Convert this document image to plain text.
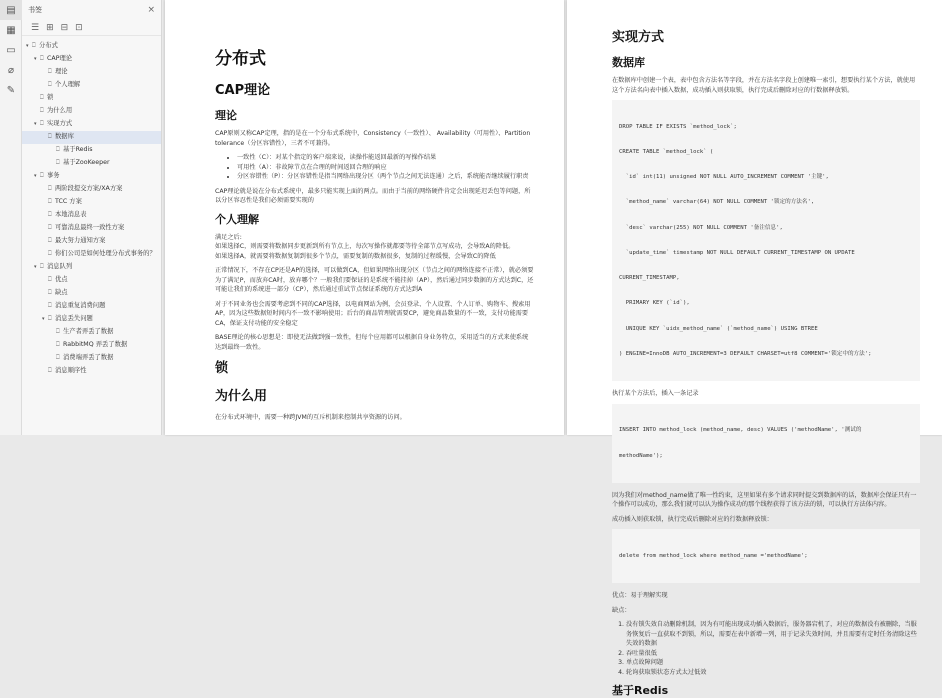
▤
▦
▭
⌀
✎
书签	×
☰ ⊞ ⊟ ⊡
▾ ⎕ 分布式
▾ ⎕ CAP理论
⎕ 理论
⎕ 个人理解
⎕ 锁
⎕ 为什么用
▾ ⎕ 实现方式
⎕ 数据库
⎕ 基于Redis
⎕ 基于ZooKeeper
▾ ⎕ 事务
⎕ 两阶段提交方案/XA方案
⎕ TCC 方案
⎕ 本地消息表
⎕ 可靠消息最终一致性方案
⎕ 最大努力通知方案
⎕ 你们公司是如何处理分布式事务的？
▾ ⎕ 消息队列
⎕ 优点
⎕ 缺点
⎕ 消息重复消费问题
▾ ⎕ 消息丢失问题
⎕ 生产者弄丢了数据
⎕ RabbitMQ 弄丢了数据
⎕ 消费端弄丢了数据
⎕ 消息顺序性
分布式
CAP理论
理论
CAP原则又称CAP定理，指的是在一个分布式系统中，Consistency（一致性）、 Availability（可用性）、Partition tolerance（分区容错性），三者不可兼得。
• 一致性（C）：对某个指定的客户端来说，读操作能返回最新的写操作结果
• 可用性（A）：非故障节点在合理的时间返回合理的响应
• 分区容错性（P）：分区容错性是指当网络出现分区（两个节点之间无法连通）之后，系统能否继续履行职责
CAP理论就是说在分布式系统中，最多只能实现上面的两点。而由于当前的网络硬件肯定会出现延迟丢包等问题，所以分区容忍性是我们必须需要实现的
个人理解
满足之后:
如果选择C，则需要将数据同步更新到所有节点上，每次写操作就都要等待全部节点写成功，会导致A的降低。
如果选择A，就需要将数据复制到很多个节点，需要复制的数据很多，复制的过程缓慢，会导致C的降低
正常情况下，不存在CP还是AP的选择，可以做到CA，但如果网络出现分区（节点之间的网络连接不正常），就必须要为了满足P，而放弃CA时，放弃哪个？一般我们要保证的是系统不能挂掉（AP），然后通过同步数据的方式达到C，还可能让我们的系统进一部分（CP），然后通过重试节点保证系统的方式达到A
对于不同业务也会需要考虑到不同的CAP选择，以电商网站为例，会员登录、个人设置、个人订单、购物车、搜索用AP，因为这些数据短时间内不一致不影响使用；后台的商品管理就需要CP，避免商品数量的不一致，支付功能需要CA，保证支付功能的安全稳定
BASE理论的核心思想是：即使无法做到强一致性，但每个应用都可以根据自身业务特点，采用适当的方式来使系统达到最终一致性。
锁
为什么用
在分布式环境中，需要一种跨JVM的互斥机制来控制共享资源的访问。
实现方式
数据库
在数据库中创建一个表，表中包含方法名等字段，并在方法名字段上创建唯一索引，想要执行某个方法，就使用这个方法名向表中插入数据，成功插入则获取锁，执行完成后删除对应的行数据释放锁。

DROP TABLE IF EXISTS `method_lock`;

CREATE TABLE `method_lock` (

`id` int(11) unsigned NOT NULL AUTO_INCREMENT COMMENT '主键',

`method_name` varchar(64) NOT NULL COMMENT '锁定的方法名',

`desc` varchar(255) NOT NULL COMMENT '备注信息',

`update_time` timestamp NOT NULL DEFAULT CURRENT_TIMESTAMP ON UPDATE

CURRENT_TIMESTAMP,

PRIMARY KEY (`id`),

UNIQUE KEY `uidx_method_name` (`method_name`) USING BTREE

) ENGINE=InnoDB AUTO_INCREMENT=3 DEFAULT CHARSET=utf8 COMMENT='锁定中的方法';

执行某个方法后，插入一条记录

INSERT INTO method_lock (method_name, desc) VALUES ('methodName', '测试的

methodName');

因为我们对method_name做了唯一性约束，这里如果有多个请求同时提交到数据库的话，数据库会保证只有一个操作可以成功，那么我们就可以认为操作成功的那个线程获得了该方法的锁，可以执行方法体内容。
成功插入则获取锁，执行完成后删除对应的行数据释放锁：

delete from method_lock where method_name ='methodName';

优点：易于理解实现
缺点：
1. 没有锁失效自动删除机制，因为有可能出现成功插入数据后，服务器宕机了，对应的数据没有被删除，当服务恢复后一直获取不到锁，所以，需要在表中新增一列，用于记录失效时间，并且需要有定时任务清除这些失效的数据
2. 吞吐量很低
3. 单点故障问题
4. 轮询获取锁状态方式太过低效
基于Redis
